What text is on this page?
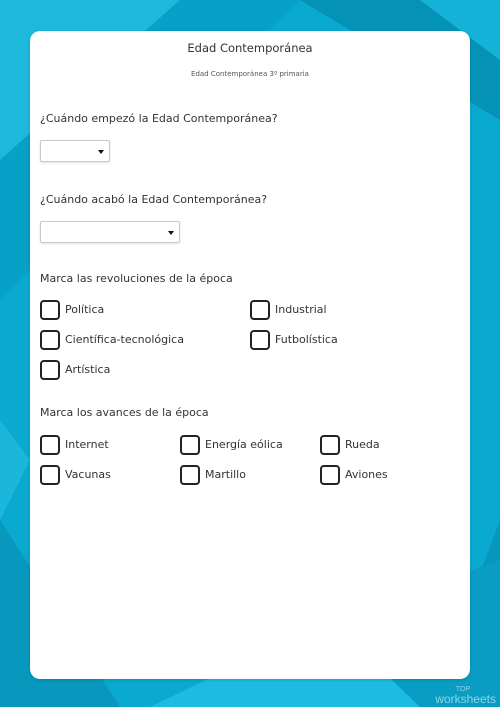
Edad Contemporánea
Edad Contemporánea 3º primaria
¿Cuándo empezó la Edad Contemporánea?
¿Cuándo acabó la Edad Contemporánea?
Marca las revoluciones de la época
Política	Industrial
Científica-tecnológica	Futbolística
Artística
Marca los avances de la época
Internet	Energía eólica	Rueda
Vacunas	Martillo	Aviones
TOP
worksheets
